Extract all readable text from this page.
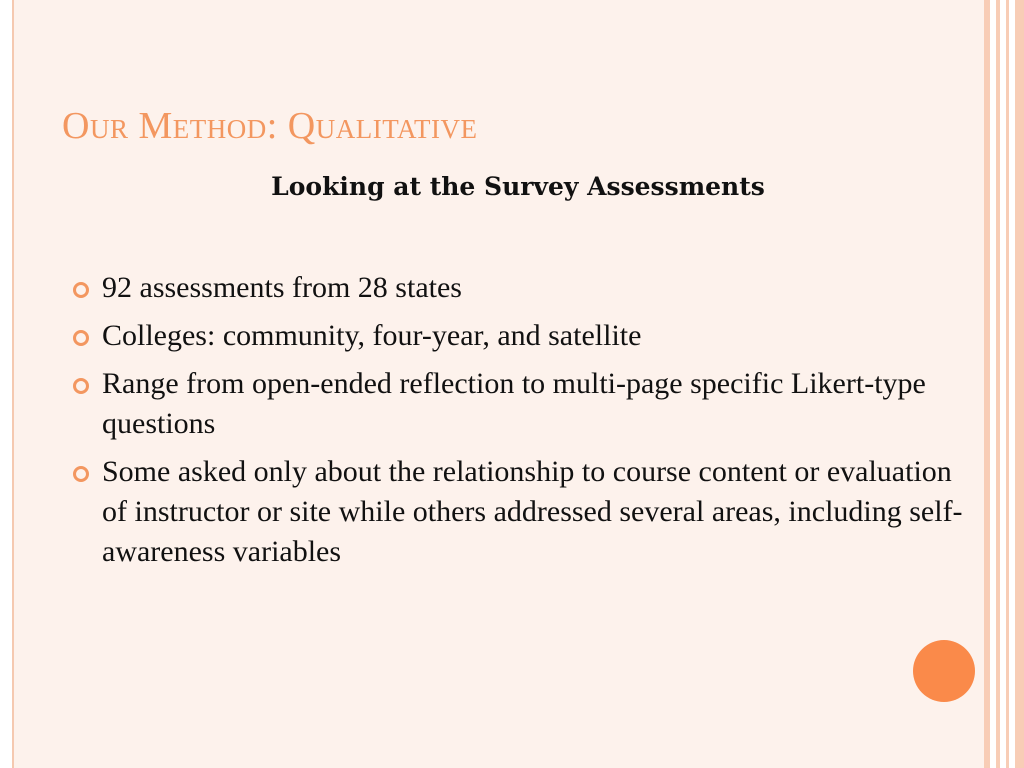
Our Method: Qualitative
Looking at the Survey Assessments
92 assessments from 28 states
Colleges: community, four-year, and satellite
Range from open-ended reflection to multi-page specific Likert-type questions
Some asked only about the relationship to course content or evaluation of instructor or site while others addressed several areas, including self-awareness variables
